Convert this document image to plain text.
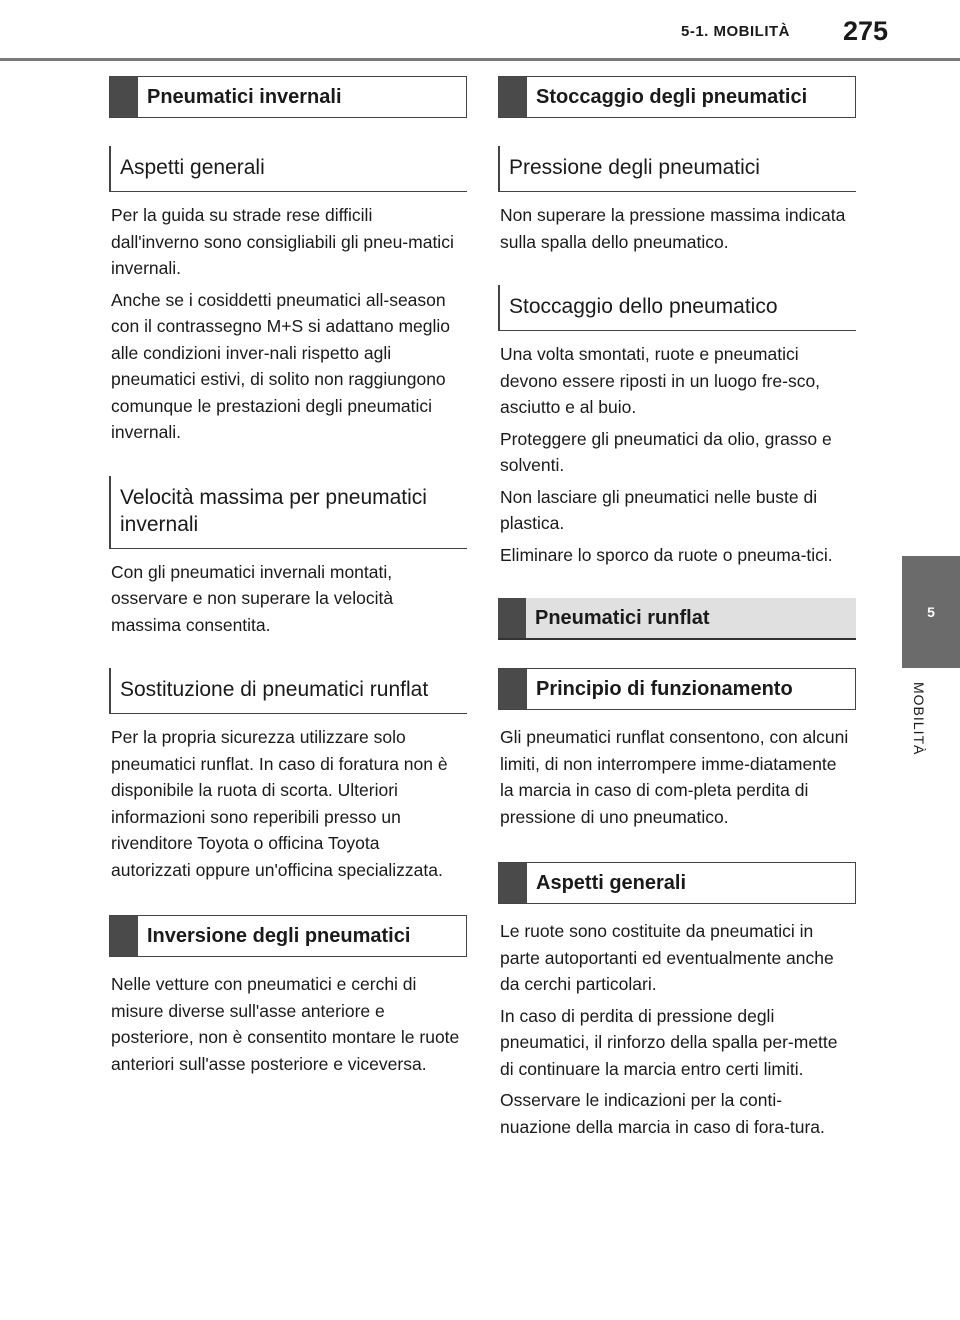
5-1. MOBILITÀ 275
5
MOBILITÀ
Pneumatici invernali
Aspetti generali

Per la guida su strade rese difficili dall'inverno sono consigliabili gli pneu-matici invernali.

Anche se i cosiddetti pneumatici all-season con il contrassegno M+S si adattano meglio alle condizioni inver-nali rispetto agli pneumatici estivi, di solito non raggiungono comunque le prestazioni degli pneumatici invernali.

Velocità massima per pneumatici invernali

Con gli pneumatici invernali montati, osservare e non superare la velocità massima consentita.

Sostituzione di pneumatici runflat

Per la propria sicurezza utilizzare solo pneumatici runflat. In caso di foratura non è disponibile la ruota di scorta. Ulteriori informazioni sono reperibili presso un rivenditore Toyota o officina Toyota autorizzati oppure un'officina specializzata.

Inversione degli pneumatici

Nelle vetture con pneumatici e cerchi di misure diverse sull'asse anteriore e posteriore, non è consentito montare le ruote anteriori sull'asse posteriore e viceversa.

Stoccaggio degli pneumatici
Pressione degli pneumatici

Non superare la pressione massima indicata sulla spalla dello pneumatico.

Stoccaggio dello pneumatico

Una volta smontati, ruote e pneumatici devono essere riposti in un luogo fre-sco, asciutto e al buio.

Proteggere gli pneumatici da olio, grasso e solventi.

Non lasciare gli pneumatici nelle buste di plastica.

Eliminare lo sporco da ruote o pneuma-tici.

Pneumatici runflat
Principio di funzionamento

Gli pneumatici runflat consentono, con alcuni limiti, di non interrompere imme-diatamente la marcia in caso di com-pleta perdita di pressione di uno pneumatico.

Aspetti generali

Le ruote sono costituite da pneumatici in parte autoportanti ed eventualmente anche da cerchi particolari.

In caso di perdita di pressione degli pneumatici, il rinforzo della spalla per-mette di continuare la marcia entro certi limiti.

Osservare le indicazioni per la conti-nuazione della marcia in caso di fora-tura.
